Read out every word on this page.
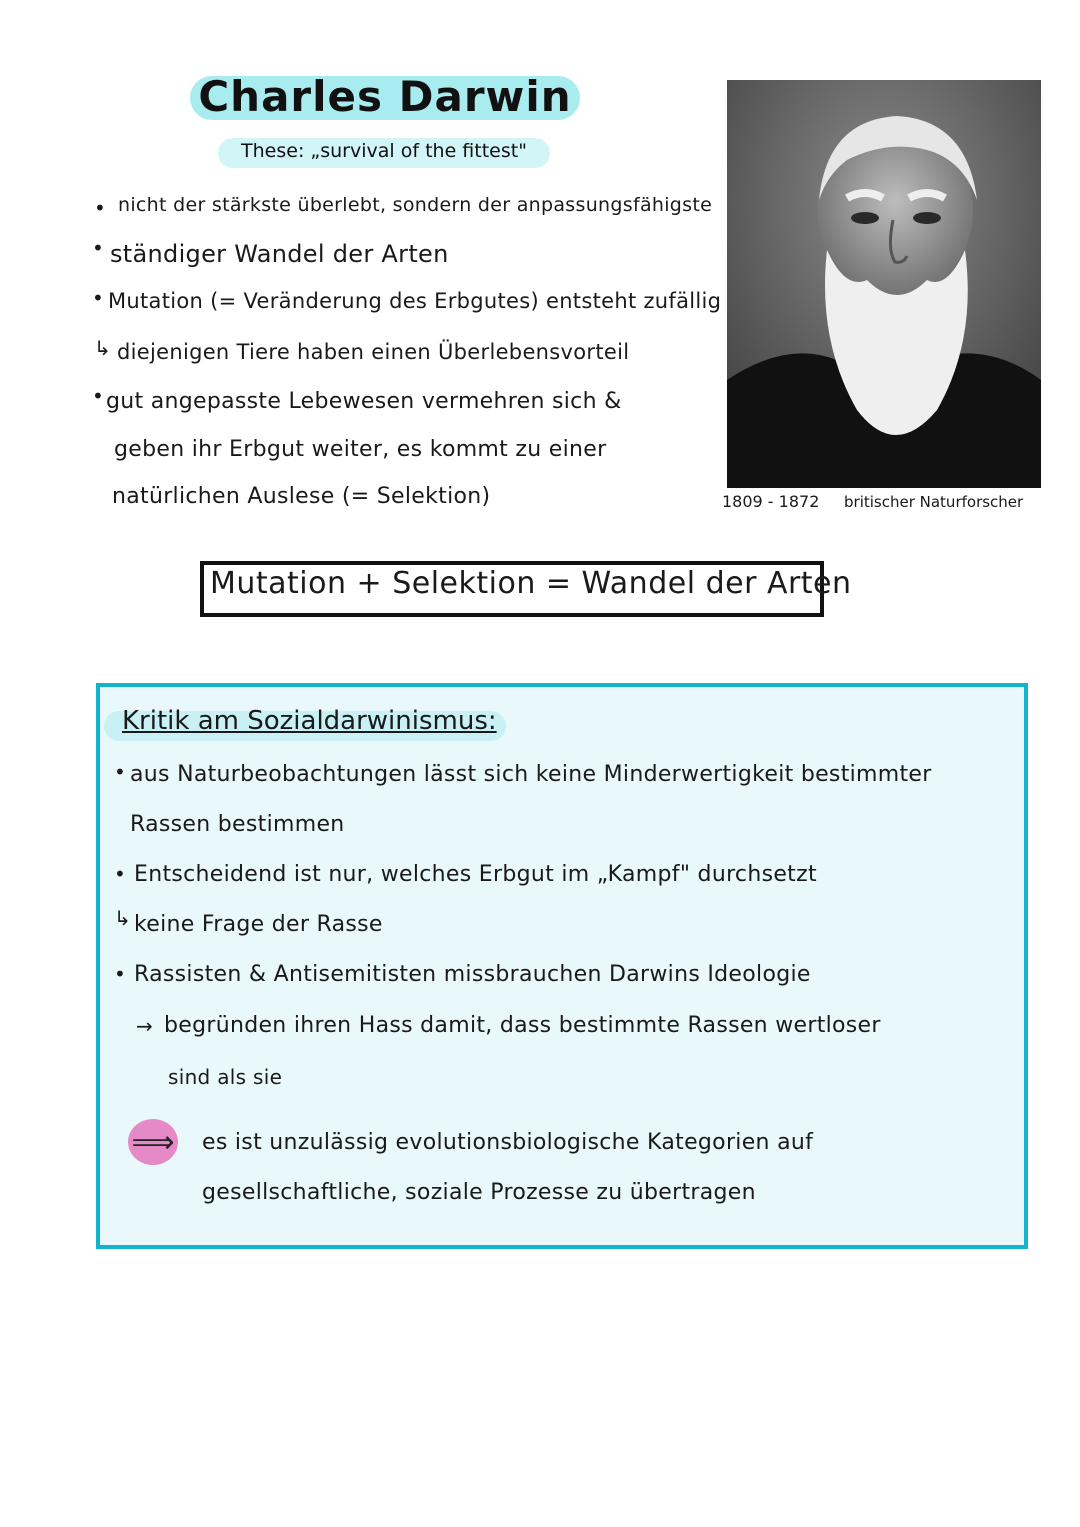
Charles Darwin
These: „survival of the fittest"
• nicht der stärkste überlebt, sondern der anpassungsfähigste
• ständiger Wandel der Arten
• Mutation (= Veränderung des Erbgutes) entsteht zufällig
↳ diejenigen Tiere haben einen Überlebensvorteil
• gut angepasste Lebewesen vermehren sich &
geben ihr Erbgut weiter, es kommt zu einer
natürlichen Auslese (= Selektion)	1809 - 1872 britischer Naturforscher
Mutation + Selektion = Wandel der Arten
Kritik am Sozialdarwinismus:
• aus Naturbeobachtungen lässt sich keine Minderwertigkeit bestimmter
Rassen bestimmen
• Entscheidend ist nur, welches Erbgut im „Kampf" durchsetzt
↳ keine Frage der Rasse
• Rassisten & Antisemitisten missbrauchen Darwins Ideologie
→ begründen ihren Hass damit, dass bestimmte Rassen wertloser
sind als sie
⟹ es ist unzulässig evolutionsbiologische Kategorien auf
gesellschaftliche, soziale Prozesse zu übertragen
